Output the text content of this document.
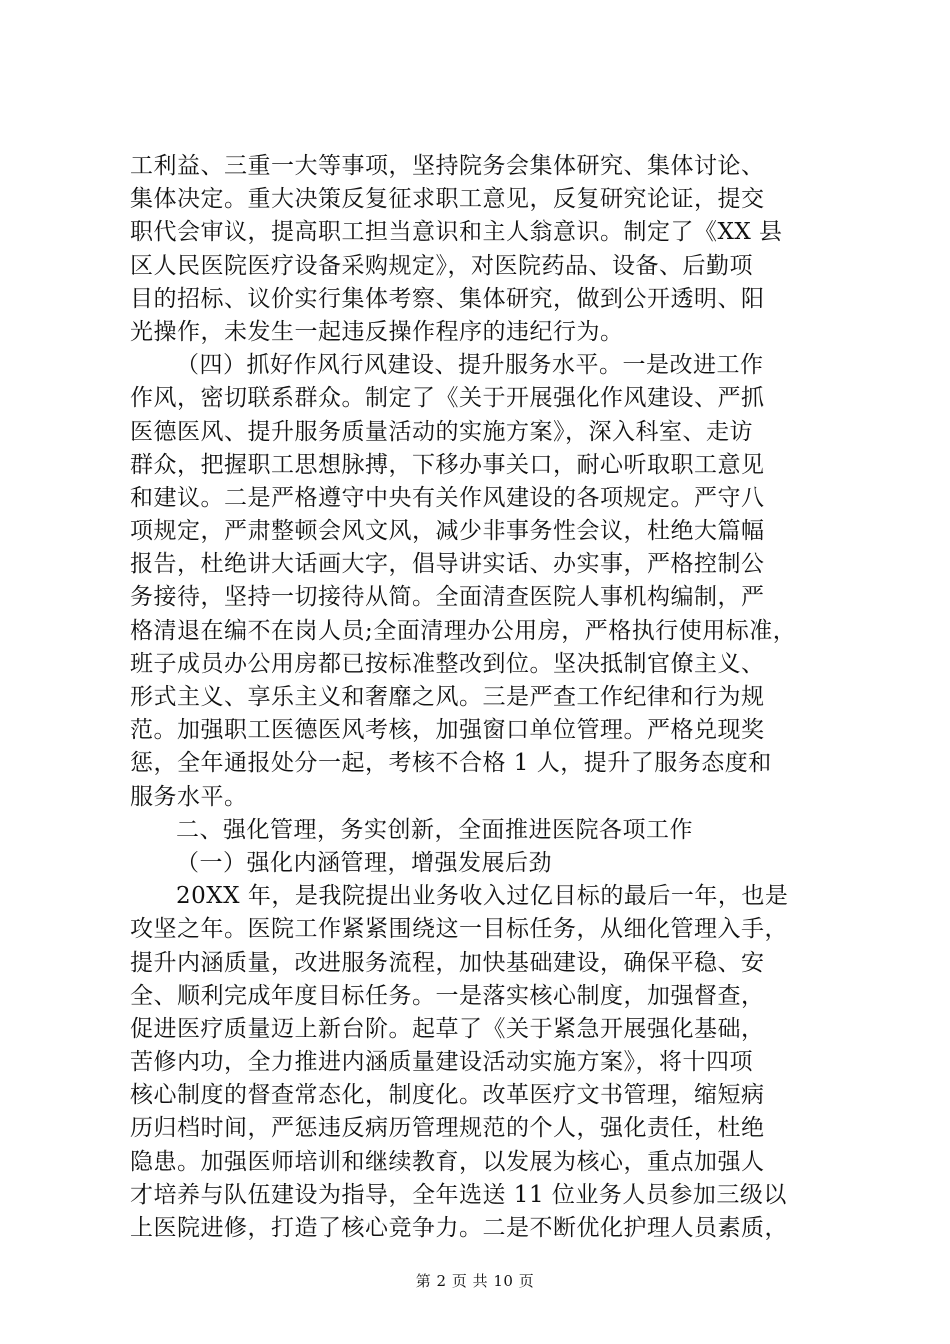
工利益、三重一大等事项，坚持院务会集体研究、集体讨论、
集体决定。重大决策反复征求职工意见，反复研究论证，提交
职代会审议，提高职工担当意识和主人翁意识。制定了《XX 县
区人民医院医疗设备采购规定》，对医院药品、设备、后勤项
目的招标、议价实行集体考察、集体研究，做到公开透明、阳
光操作，未发生一起违反操作程序的违纪行为。
（四）抓好作风行风建设、提升服务水平。一是改进工作
作风，密切联系群众。制定了《关于开展强化作风建设、严抓
医德医风、提升服务质量活动的实施方案》，深入科室、走访
群众，把握职工思想脉搏，下移办事关口，耐心听取职工意见
和建议。二是严格遵守中央有关作风建设的各项规定。严守八
项规定，严肃整顿会风文风，减少非事务性会议，杜绝大篇幅
报告，杜绝讲大话画大字，倡导讲实话、办实事，严格控制公
务接待，坚持一切接待从简。全面清查医院人事机构编制，严
格清退在编不在岗人员;全面清理办公用房，严格执行使用标准，
班子成员办公用房都已按标准整改到位。坚决抵制官僚主义、
形式主义、享乐主义和奢靡之风。三是严查工作纪律和行为规
范。加强职工医德医风考核，加强窗口单位管理。严格兑现奖
惩，全年通报处分一起，考核不合格 1 人，提升了服务态度和
服务水平。
二、强化管理，务实创新，全面推进医院各项工作
（一）强化内涵管理，增强发展后劲
20XX 年，是我院提出业务收入过亿目标的最后一年，也是
攻坚之年。医院工作紧紧围绕这一目标任务，从细化管理入手，
提升内涵质量，改进服务流程，加快基础建设，确保平稳、安
全、顺利完成年度目标任务。一是落实核心制度，加强督查，
促进医疗质量迈上新台阶。起草了《关于紧急开展强化基础，
苦修内功，全力推进内涵质量建设活动实施方案》，将十四项
核心制度的督查常态化，制度化。改革医疗文书管理，缩短病
历归档时间，严惩违反病历管理规范的个人，强化责任，杜绝
隐患。加强医师培训和继续教育，以发展为核心，重点加强人
才培养与队伍建设为指导，全年选送 11 位业务人员参加三级以
上医院进修，打造了核心竞争力。二是不断优化护理人员素质，
第 2 页 共 10 页
